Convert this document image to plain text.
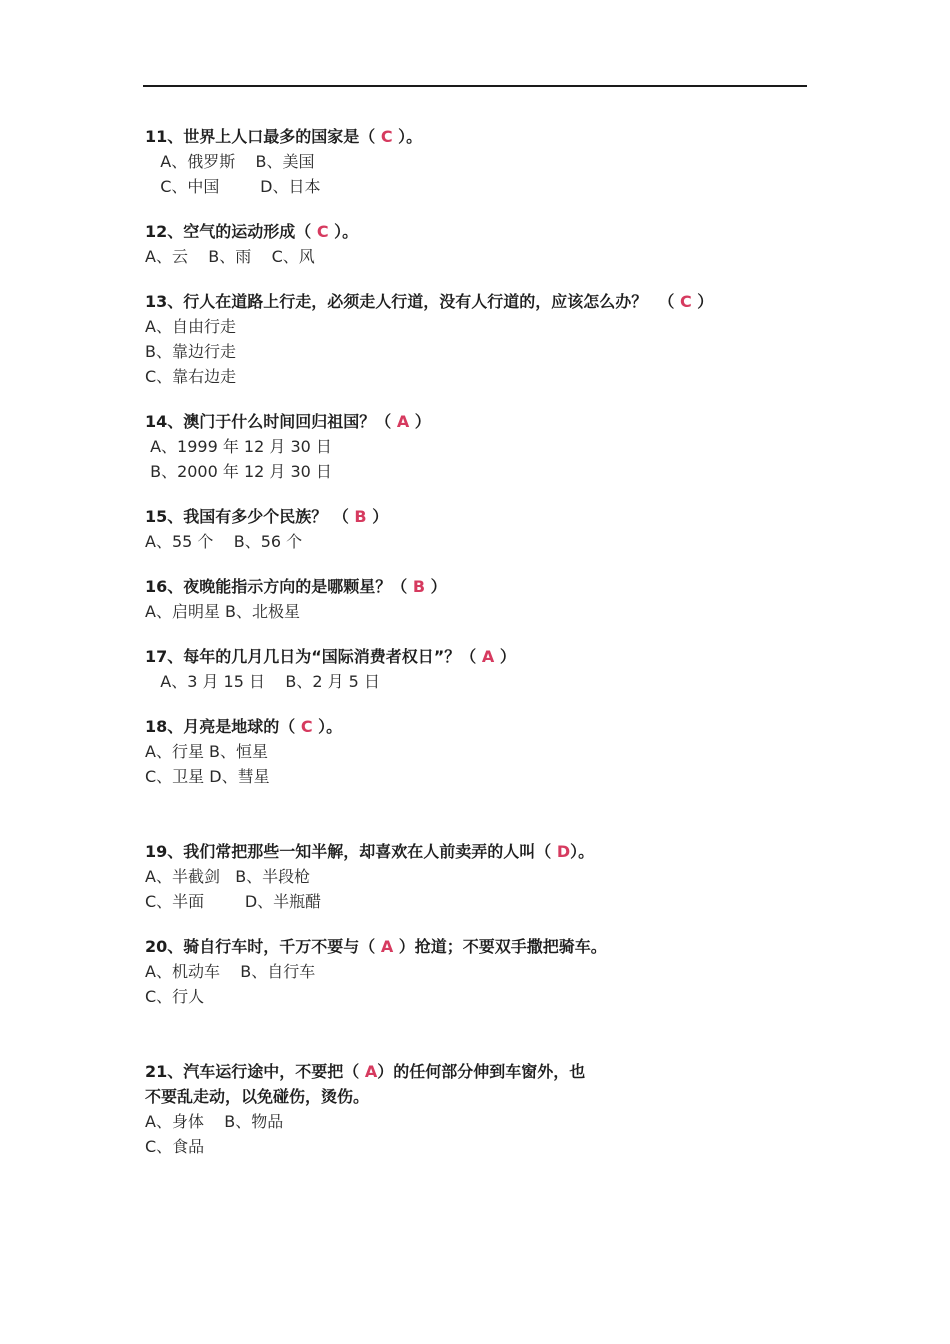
11、世界上人口最多的国家是（ C ）。
A、俄罗斯    B、美国
C、中国        D、日本
12、空气的运动形成（ C ）。
A、云    B、雨    C、风
13、行人在道路上行走，必须走人行道，没有人行道的，应该怎么办？  （ C ）
A、自由行走
B、靠边行走
C、靠右边走
14、澳门于什么时间回归祖国？（ A ）
A、1999 年 12 月 30 日
B、2000 年 12 月 30 日
15、我国有多少个民族？ （ B ）
A、55 个    B、56 个
16、夜晚能指示方向的是哪颗星？（ B ）
A、启明星 B、北极星
17、每年的几月几日为“国际消费者权日”？（ A ）
A、3 月 15 日    B、2 月 5 日
18、月亮是地球的（ C ）。
A、行星 B、恒星
C、卫星 D、彗星
19、我们常把那些一知半解，却喜欢在人前卖弄的人叫（ D）。
A、半截剑   B、半段枪
C、半面        D、半瓶醋
20、骑自行车时，千万不要与（ A ）抢道；不要双手撒把骑车。
A、机动车    B、自行车
C、行人
21、汽车运行途中，不要把（ A）的任何部分伸到车窗外，也
不要乱走动，以免碰伤，烫伤。
A、身体    B、物品
C、食品
